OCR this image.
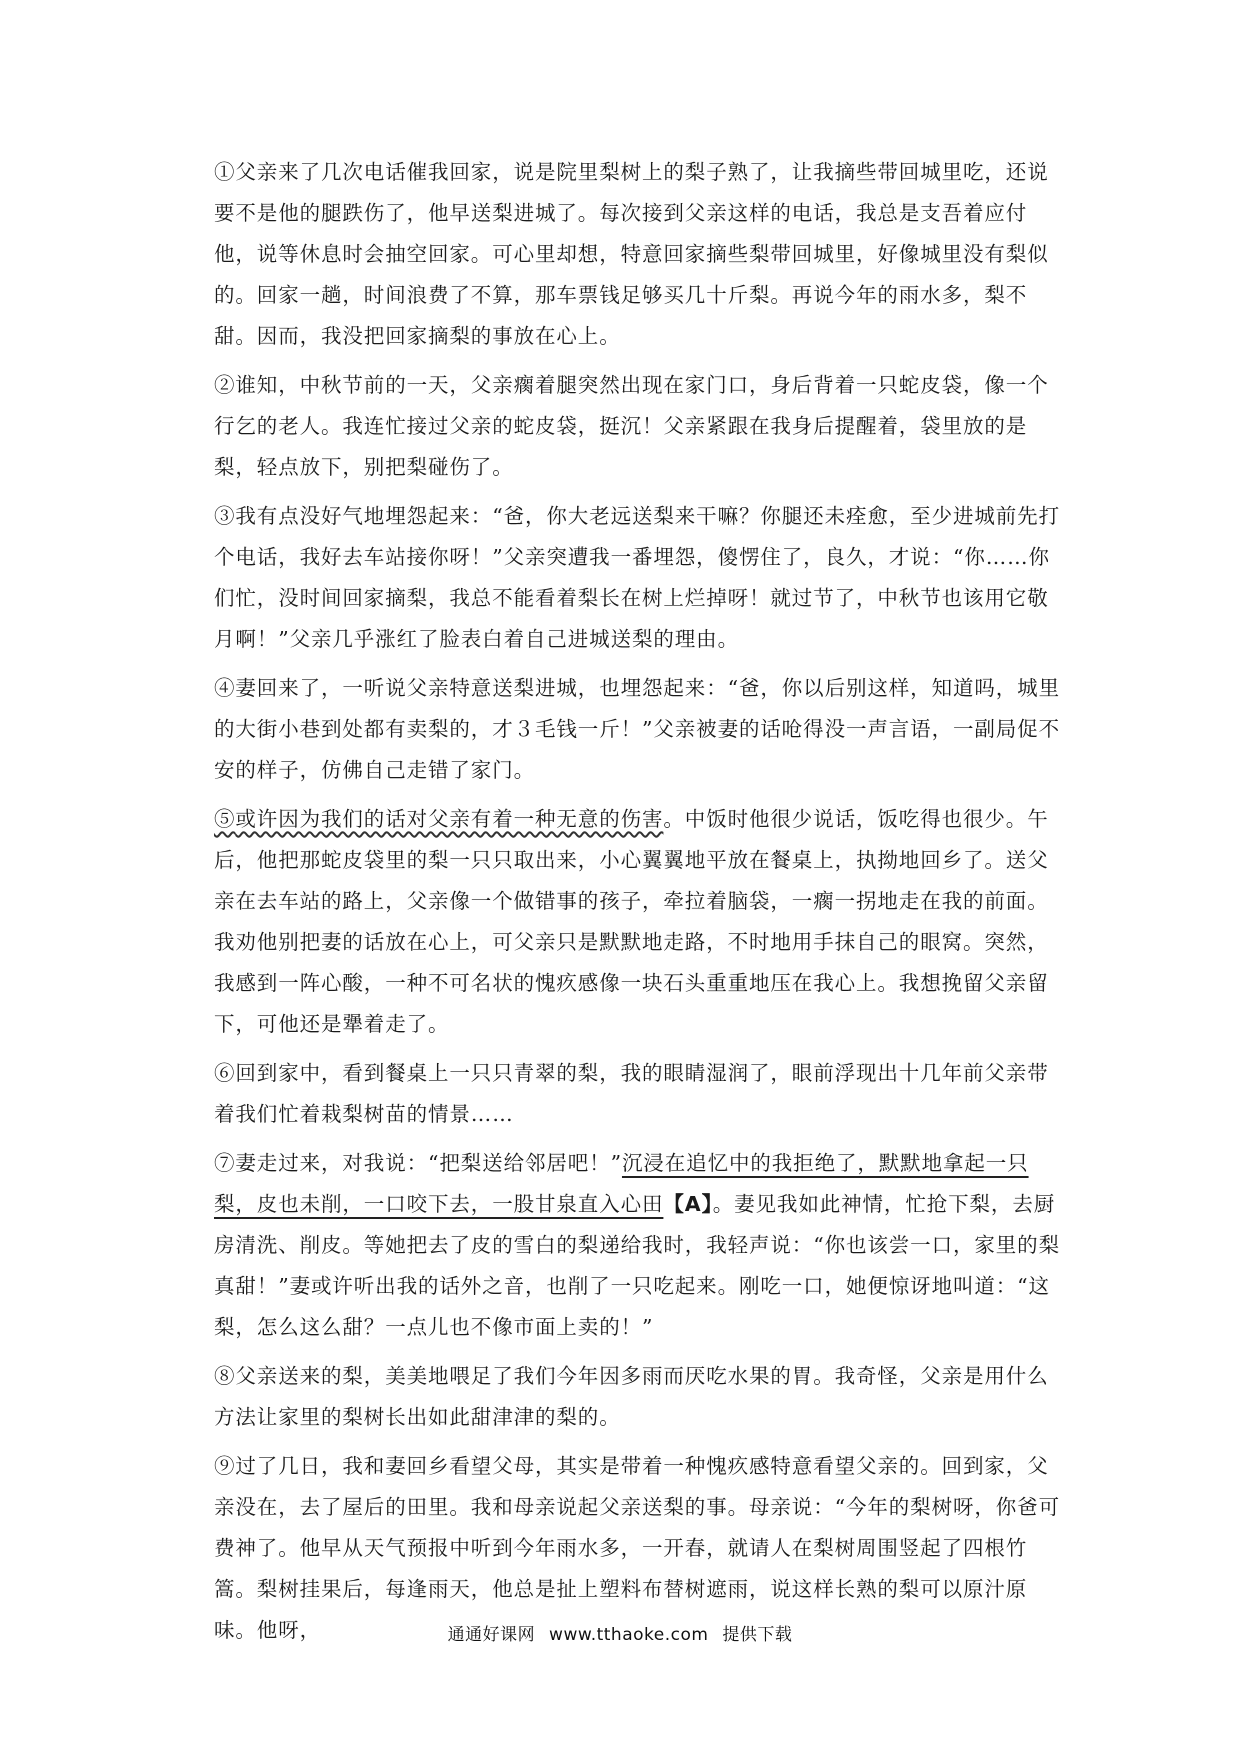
①父亲来了几次电话催我回家，说是院里梨树上的梨子熟了，让我摘些带回城里吃，还说要不是他的腿跌伤了，他早送梨进城了。每次接到父亲这样的电话，我总是支吾着应付他，说等休息时会抽空回家。可心里却想，特意回家摘些梨带回城里，好像城里没有梨似的。回家一趟，时间浪费了不算，那车票钱足够买几十斤梨。再说今年的雨水多，梨不甜。因而，我没把回家摘梨的事放在心上。

②谁知，中秋节前的一天，父亲瘸着腿突然出现在家门口，身后背着一只蛇皮袋，像一个行乞的老人。我连忙接过父亲的蛇皮袋，挺沉！父亲紧跟在我身后提醒着，袋里放的是梨，轻点放下，别把梨碰伤了。

③我有点没好气地埋怨起来：“爸，你大老远送梨来干嘛？你腿还未痊愈，至少进城前先打个电话，我好去车站接你呀！”父亲突遭我一番埋怨，傻愣住了，良久，才说：“你……你们忙，没时间回家摘梨，我总不能看着梨长在树上烂掉呀！就过节了，中秋节也该用它敬月啊！”父亲几乎涨红了脸表白着自己进城送梨的理由。

④妻回来了，一听说父亲特意送梨进城，也埋怨起来：“爸，你以后别这样，知道吗，城里的大街小巷到处都有卖梨的，才３毛钱一斤！”父亲被妻的话呛得没一声言语，一副局促不安的样子，仿佛自己走错了家门。

⑤或许因为我们的话对父亲有着一种无意的伤害。中饭时他很少说话，饭吃得也很少。午后，他把那蛇皮袋里的梨一只只取出来，小心翼翼地平放在餐桌上，执拗地回乡了。送父亲在去车站的路上，父亲像一个做错事的孩子，牵拉着脑袋，一瘸一拐地走在我的前面。我劝他别把妻的话放在心上，可父亲只是默默地走路，不时地用手抹自己的眼窝。突然，我感到一阵心酸，一种不可名状的愧疚感像一块石头重重地压在我心上。我想挽留父亲留下，可他还是犟着走了。

⑥回到家中，看到餐桌上一只只青翠的梨，我的眼睛湿润了，眼前浮现出十几年前父亲带着我们忙着栽梨树苗的情景……

⑦妻走过来，对我说：“把梨送给邻居吧！”沉浸在追忆中的我拒绝了，默默地拿起一只梨，皮也未削，一口咬下去，一股甘泉直入心田【A】。妻见我如此神情，忙抢下梨，去厨房清洗、削皮。等她把去了皮的雪白的梨递给我时，我轻声说：“你也该尝一口，家里的梨真甜！”妻或许听出我的话外之音，也削了一只吃起来。刚吃一口，她便惊讶地叫道：“这梨，怎么这么甜？一点儿也不像市面上卖的！”

⑧父亲送来的梨，美美地喂足了我们今年因多雨而厌吃水果的胃。我奇怪，父亲是用什么方法让家里的梨树长出如此甜津津的梨的。

⑨过了几日，我和妻回乡看望父母，其实是带着一种愧疚感特意看望父亲的。回到家，父亲没在，去了屋后的田里。我和母亲说起父亲送梨的事。母亲说：“今年的梨树呀，你爸可费神了。他早从天气预报中听到今年雨水多，一开春，就请人在梨树周围竖起了四根竹篙。梨树挂果后，每逢雨天，他总是扯上塑料布替树遮雨，说这样长熟的梨可以原汁原味。他呀，	通通好课网 www.tthaoke.com 提供下载
